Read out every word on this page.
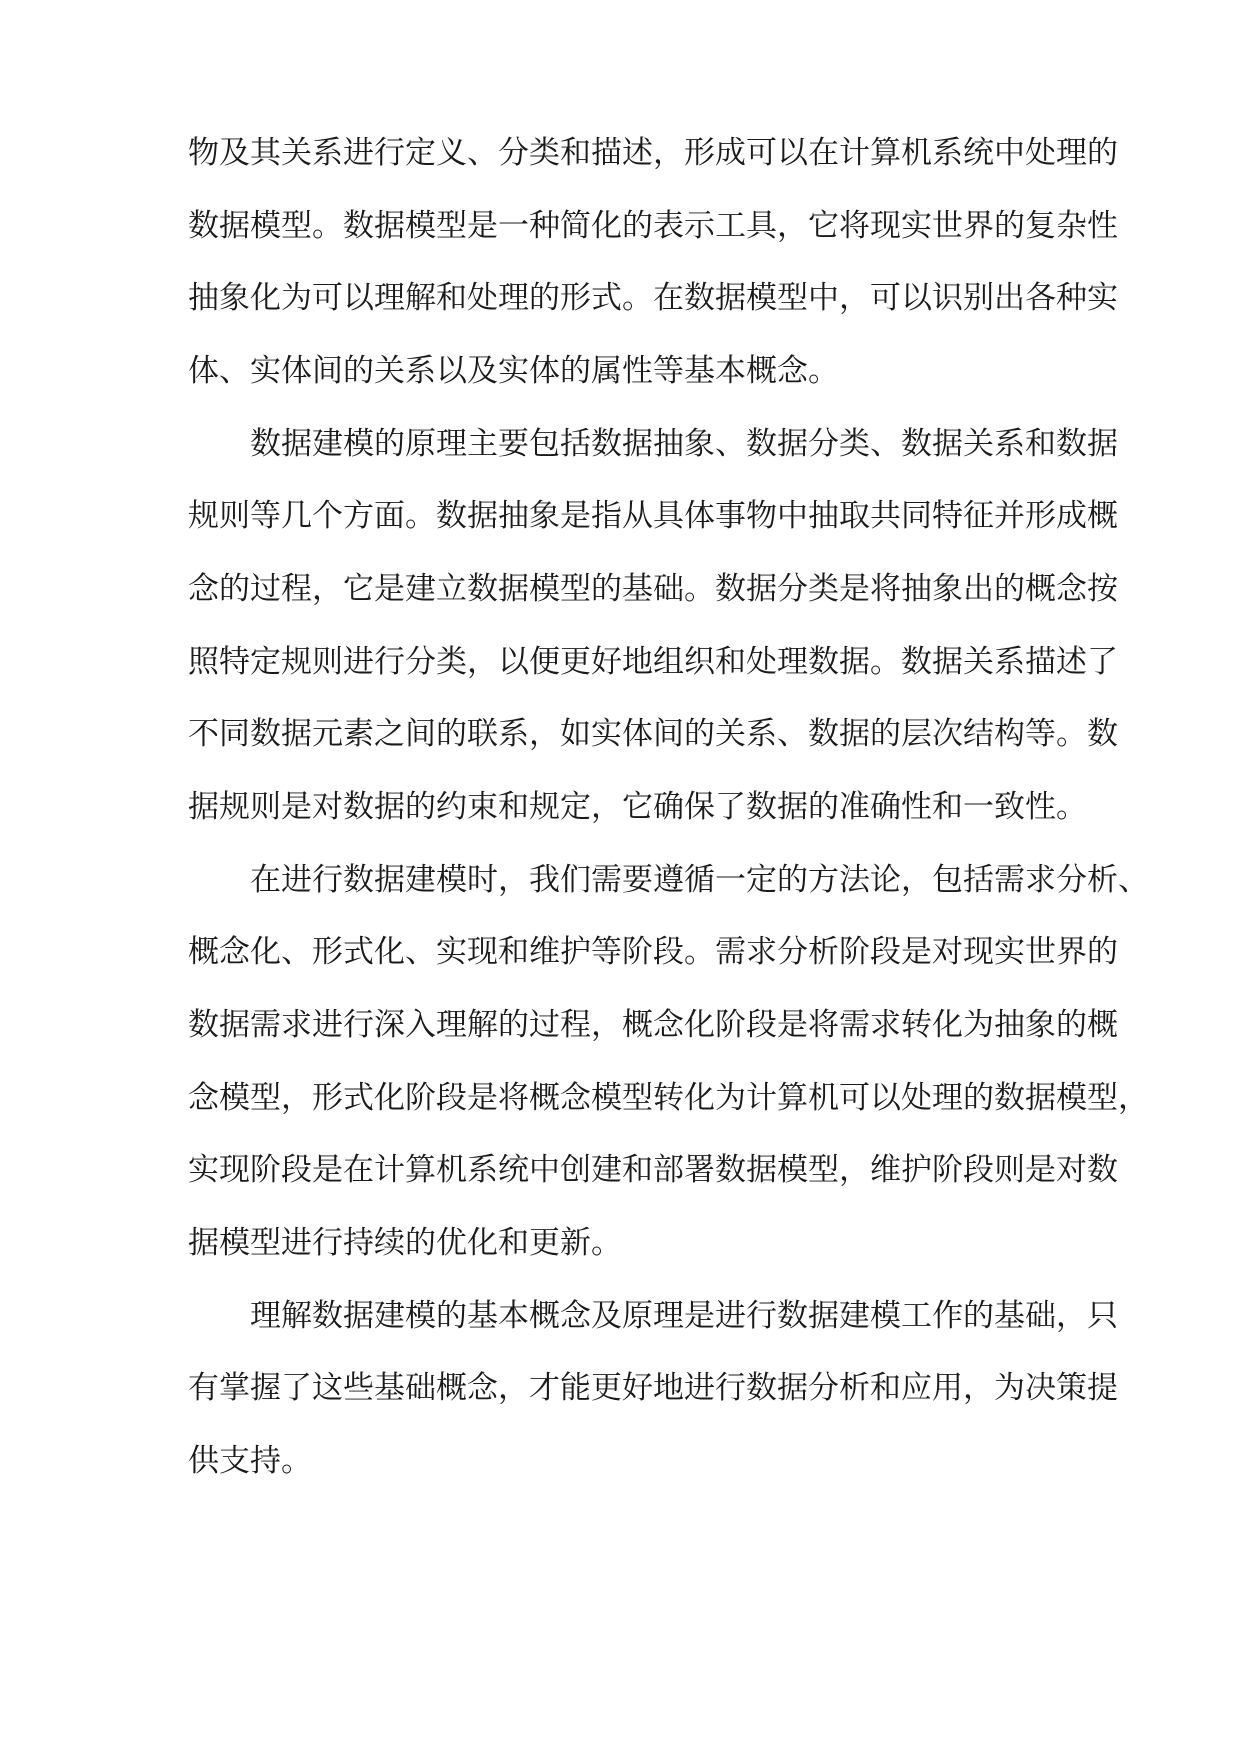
物及其关系进行定义、分类和描述，形成可以在计算机系统中处理的
数据模型。数据模型是一种简化的表示工具，它将现实世界的复杂性
抽象化为可以理解和处理的形式。在数据模型中，可以识别出各种实
体、实体间的关系以及实体的属性等基本概念。
数据建模的原理主要包括数据抽象、数据分类、数据关系和数据
规则等几个方面。数据抽象是指从具体事物中抽取共同特征并形成概
念的过程，它是建立数据模型的基础。数据分类是将抽象出的概念按
照特定规则进行分类，以便更好地组织和处理数据。数据关系描述了
不同数据元素之间的联系，如实体间的关系、数据的层次结构等。数
据规则是对数据的约束和规定，它确保了数据的准确性和一致性。
在进行数据建模时，我们需要遵循一定的方法论，包括需求分析、
概念化、形式化、实现和维护等阶段。需求分析阶段是对现实世界的
数据需求进行深入理解的过程，概念化阶段是将需求转化为抽象的概
念模型，形式化阶段是将概念模型转化为计算机可以处理的数据模型，
实现阶段是在计算机系统中创建和部署数据模型，维护阶段则是对数
据模型进行持续的优化和更新。
理解数据建模的基本概念及原理是进行数据建模工作的基础，只
有掌握了这些基础概念，才能更好地进行数据分析和应用，为决策提
供支持。
